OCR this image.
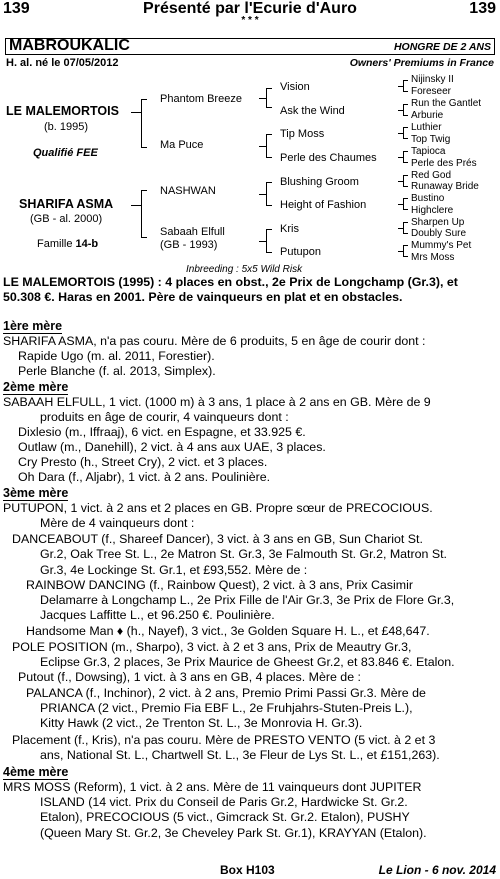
139	Présenté par l'Ecurie d'Auro	139
* * *
MABROUKALIC	HONGRE DE 2 ANS
H. al. né le 07/05/2012	Owners' Premiums in France
LE MALEMORTOIS
(b. 1995)
Qualifié FEE
SHARIFA ASMA
(GB - al. 2000)
Famille 14-b
Phantom Breeze
Ma Puce
NASHWAN
Sabaah Elfull
(GB - 1993)
Vision
Ask the Wind
Tip Moss
Perle des Chaumes
Blushing Groom
Height of Fashion
Kris
Putupon
Nijinsky II
Foreseer
Run the Gantlet
Arburie
Luthier
Top Twig
Tapioca
Perle des Prés
Red God
Runaway Bride
Bustino
Highclere
Sharpen Up
Doubly Sure
Mummy's Pet
Mrs Moss
Inbreeding : 5x5 Wild Risk
LE MALEMORTOIS (1995) : 4 places en obst., 2e Prix de Longchamp (Gr.3), et
50.308 €. Haras en 2001. Père de vainqueurs en plat et en obstacles.
1ère mère
SHARIFA ASMA, n'a pas couru. Mère de 6 produits, 5 en âge de courir dont :
Rapide Ugo (m. al. 2011, Forestier).
Perle Blanche (f. al. 2013, Simplex).
2ème mère
SABAAH ELFULL, 1 vict. (1000 m) à 3 ans, 1 place à 2 ans en GB. Mère de 9
produits en âge de courir, 4 vainqueurs dont :
Dixlesio (m., Iffraaj), 6 vict. en Espagne, et 33.925 €.
Outlaw (m., Danehill), 2 vict. à 4 ans aux UAE, 3 places.
Cry Presto (h., Street Cry), 2 vict. et 3 places.
Oh Dara (f., Aljabr), 1 vict. à 2 ans. Poulinière.
3ème mère
PUTUPON, 1 vict. à 2 ans et 2 places en GB. Propre sœur de PRECOCIOUS.
Mère de 4 vainqueurs dont :
DANCEABOUT (f., Shareef Dancer), 3 vict. à 3 ans en GB, Sun Chariot St.
Gr.2, Oak Tree St. L., 2e Matron St. Gr.3, 3e Falmouth St. Gr.2, Matron St.
Gr.3, 4e Lockinge St. Gr.1, et £93,552. Mère de :
RAINBOW DANCING (f., Rainbow Quest), 2 vict. à 3 ans, Prix Casimir
Delamarre à Longchamp L., 2e Prix Fille de l'Air Gr.3, 3e Prix de Flore Gr.3,
Jacques Laffitte L., et 96.250 €. Poulinière.
Handsome Man ♦ (h., Nayef), 3 vict., 3e Golden Square H. L., et £48,647.
POLE POSITION (m., Sharpo), 3 vict. à 2 et 3 ans, Prix de Meautry Gr.3,
Eclipse Gr.3, 2 places, 3e Prix Maurice de Gheest Gr.2, et 83.846 €. Etalon.
Putout (f., Dowsing), 1 vict. à 3 ans en GB, 4 places. Mère de :
PALANCA (f., Inchinor), 2 vict. à 2 ans, Premio Primi Passi Gr.3. Mère de
PRIANCA (2 vict., Premio Fia EBF L., 2e Fruhjahrs-Stuten-Preis L.),
Kitty Hawk (2 vict., 2e Trenton St. L., 3e Monrovia H. Gr.3).
Placement (f., Kris), n'a pas couru. Mère de PRESTO VENTO (5 vict. à 2 et 3
ans, National St. L., Chartwell St. L., 3e Fleur de Lys St. L., et £151,263).
4ème mère
MRS MOSS (Reform), 1 vict. à 2 ans. Mère de 11 vainqueurs dont JUPITER
ISLAND (14 vict. Prix du Conseil de Paris Gr.2, Hardwicke St. Gr.2.
Etalon), PRECOCIOUS (5 vict., Gimcrack St. Gr.2. Etalon), PUSHY
(Queen Mary St. Gr.2, 3e Cheveley Park St. Gr.1), KRAYYAN (Etalon).
Box H103	Le Lion - 6 nov. 2014
